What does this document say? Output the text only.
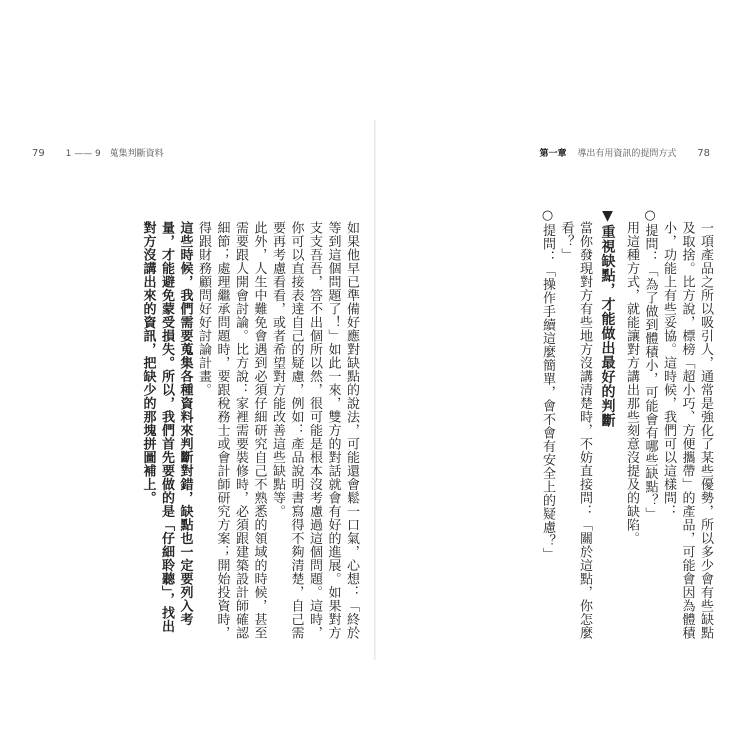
79 1 —— 9 蒐集判斷資料	第一章 導出有用資訊的提問方式 78

一項產品之所以吸引人，通常是強化了某些優勢，所以多少會有些缺點及取捨。比方說，標榜「超小巧、方便攜帶」的產品，可能會因為體積小，功能上有些妥協。這時候，我們可以這樣問：

○提問：「為了做到體積小，可能會有哪些缺點？」

用這種方式，就能讓對方講出那些刻意沒提及的缺陷。

▼重視缺點，才能做出最好的判斷

當你發現對方有些地方沒講清楚時，不妨直接問：「關於這點，你怎麼看？」

○提問：「操作手續這麼簡單，會不會有安全上的疑慮？」

如果他早已準備好應對缺點的說法，可能還會鬆一口氣，心想：「終於等到這個問題了！」如此一來，雙方的對話就會有好的進展。如果對方支支吾吾，答不出個所以然，很可能是根本沒考慮過這個問題。這時，你可以直接表達自己的疑慮，例如：產品說明書寫得不夠清楚，自己需要再考慮看看，或者希望對方能改善這些缺點等。

此外，人生中難免會遇到必須仔細研究自己不熟悉的領域的時候，甚至需要跟人開會討論。比方說：家裡需要裝修時，必須跟建築設計師確認細節；處理繼承問題時，要跟稅務士或會計師研究方案；開始投資時，得跟財務顧問好好討論計畫。

這些時候，我們需要蒐集各種資料來判斷對錯，缺點也一定要列入考量，才能避免蒙受損失。所以，我們首先要做的是「仔細聆聽」，找出對方沒講出來的資訊，把缺少的那塊拼圖補上。
